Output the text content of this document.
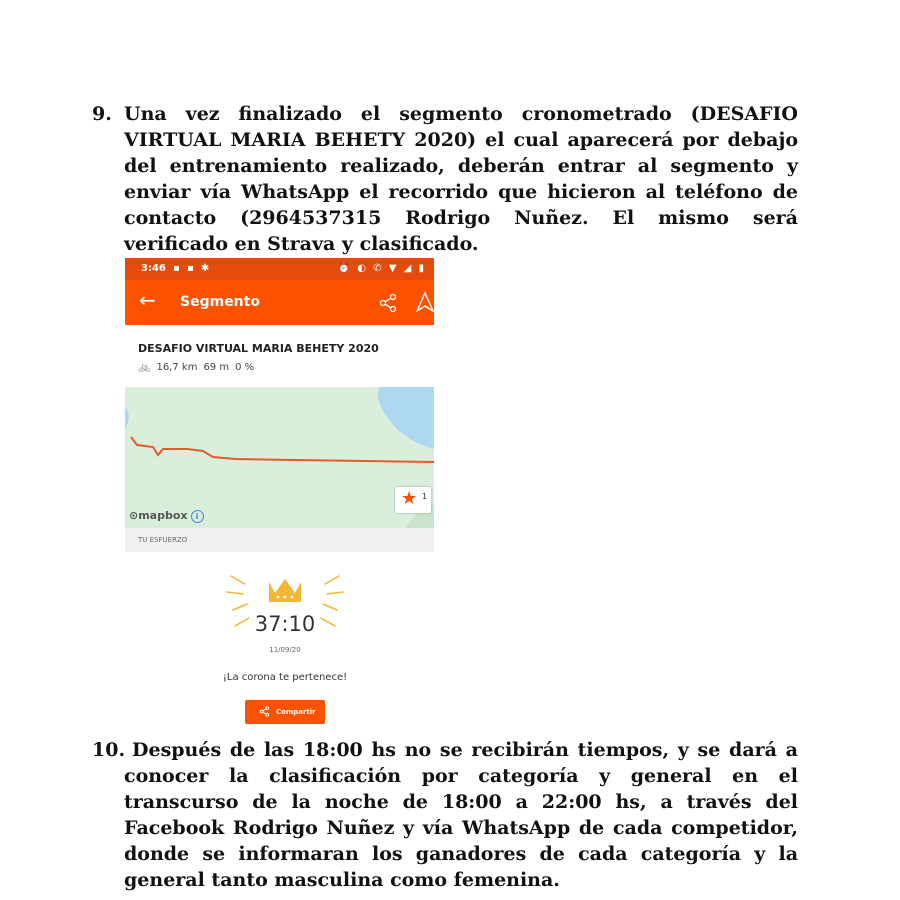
9. Una vez finalizado el segmento cronometrado (DESAFIO VIRTUAL MARIA BEHETY 2020) el cual aparecerá por debajo del entrenamiento realizado, deberán entrar al segmento y enviar vía WhatsApp el recorrido que hicieron al teléfono de contacto (2964537315 Rodrigo Nuñez. El mismo será verificado en Strava y clasificado.
3:46 ▪ ▪ ✱	⏰ ◐ ✆ ▼ ◢ ▮
← Segmento
DESAFIO VIRTUAL MARIA BEHETY 2020
🚲 16,7 km 69 m 0 %
⊙mapbox i
★ 1
TU ESFUERZO
37:10
11/09/20
¡La corona te pertenece!
Compartir
10. Después de las 18:00 hs no se recibirán tiempos, y se dará a conocer la clasificación por categoría y general en el transcurso de la noche de 18:00 a 22:00 hs, a través del Facebook Rodrigo Nuñez y vía WhatsApp de cada competidor, donde se informaran los ganadores de cada categoría y la general tanto masculina como femenina.
